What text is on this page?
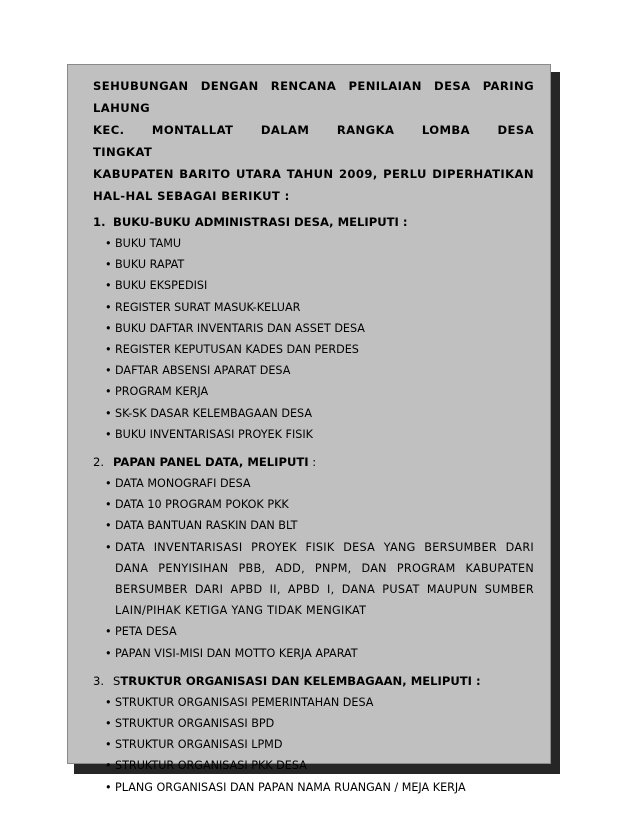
SEHUBUNGAN DENGAN RENCANA PENILAIAN DESA PARING LAHUNG
KEC. MONTALLAT DALAM RANGKA LOMBA DESA TINGKAT
KABUPATEN BARITO UTARA TAHUN 2009, PERLU DIPERHATIKAN
HAL-HAL SEBAGAI BERIKUT :
1. BUKU-BUKU ADMINISTRASI DESA, MELIPUTI :
• BUKU TAMU
• BUKU RAPAT
• BUKU EKSPEDISI
• REGISTER SURAT MASUK-KELUAR
• BUKU DAFTAR INVENTARIS DAN ASSET DESA
• REGISTER KEPUTUSAN KADES DAN PERDES
• DAFTAR ABSENSI APARAT DESA
• PROGRAM KERJA
• SK-SK DASAR KELEMBAGAAN DESA
• BUKU INVENTARISASI PROYEK FISIK
2. PAPAN PANEL DATA, MELIPUTI :
• DATA MONOGRAFI DESA
• DATA 10 PROGRAM POKOK PKK
• DATA BANTUAN RASKIN DAN BLT
• DATA INVENTARISASI PROYEK FISIK DESA YANG BERSUMBER DARI
DANA PENYISIHAN PBB, ADD, PNPM, DAN PROGRAM KABUPATEN
BERSUMBER DARI APBD II, APBD I, DANA PUSAT MAUPUN SUMBER
LAIN/PIHAK KETIGA YANG TIDAK MENGIKAT
• PETA DESA
• PAPAN VISI-MISI DAN MOTTO KERJA APARAT
3. STRUKTUR ORGANISASI DAN KELEMBAGAAN, MELIPUTI :
• STRUKTUR ORGANISASI PEMERINTAHAN DESA
• STRUKTUR ORGANISASI BPD
• STRUKTUR ORGANISASI LPMD
• STRUKTUR ORGANISASI PKK DESA
• PLANG ORGANISASI DAN PAPAN NAMA RUANGAN / MEJA KERJA
